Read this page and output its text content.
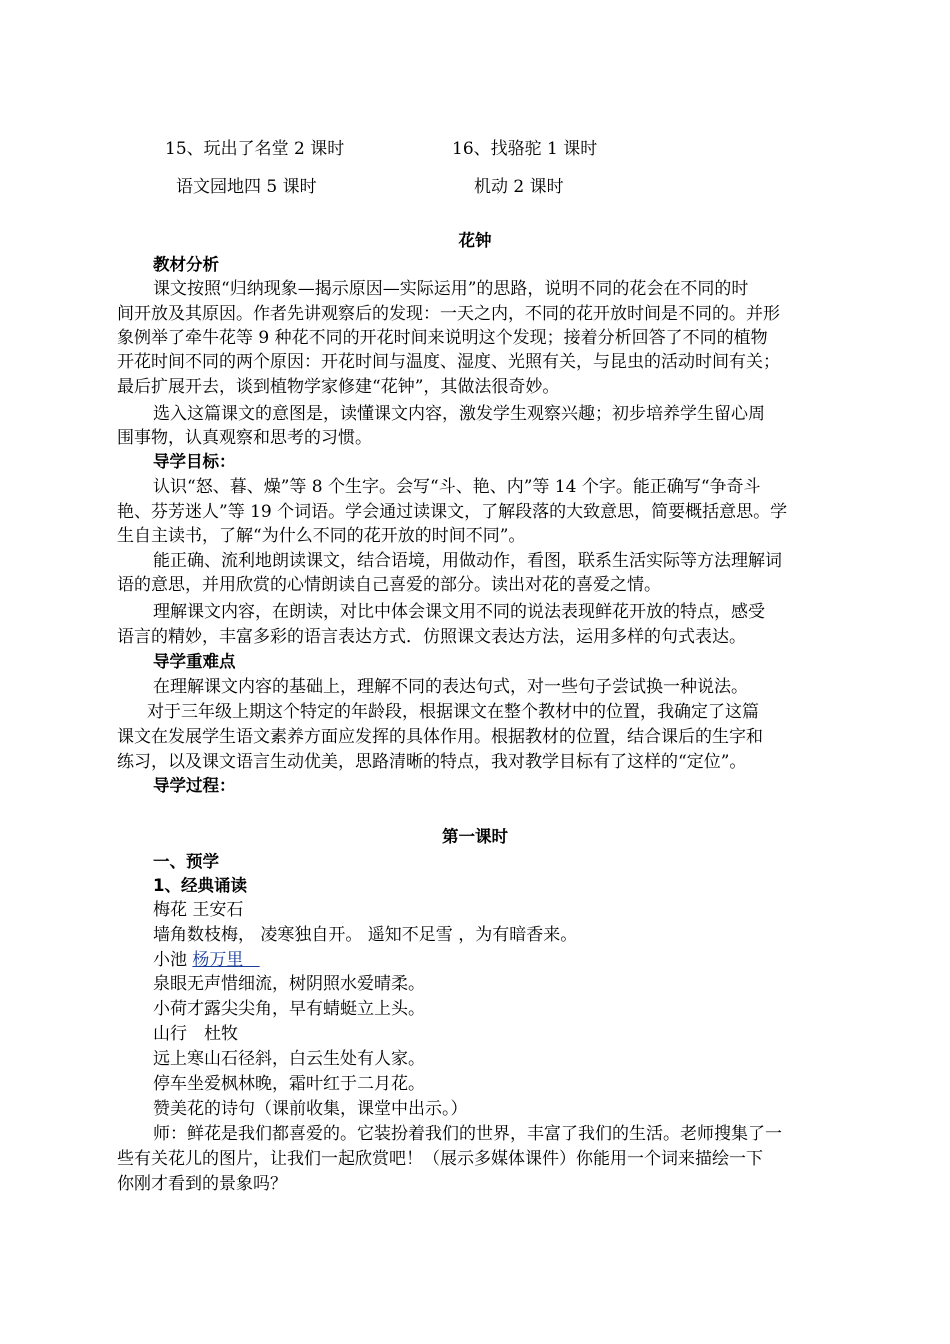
15、玩出了名堂 2 课时	16、找骆驼 1 课时
语文园地四 5 课时	机动 2 课时
花钟
教材分析
课文按照“归纳现象—揭示原因—实际运用”的思路，说明不同的花会在不同的时
间开放及其原因。作者先讲观察后的发现：一天之内，不同的花开放时间是不同的。并形
象例举了牵牛花等 9 种花不同的开花时间来说明这个发现；接着分析回答了不同的植物
开花时间不同的两个原因：开花时间与温度、湿度、光照有关，与昆虫的活动时间有关；
最后扩展开去，谈到植物学家修建“花钟”，其做法很奇妙。
选入这篇课文的意图是，读懂课文内容，激发学生观察兴趣；初步培养学生留心周
围事物，认真观察和思考的习惯。
导学目标：
认识“怒、暮、燥”等 8 个生字。会写“斗、艳、内”等 14 个字。能正确写“争奇斗
艳、芬芳迷人”等 19 个词语。学会通过读课文，了解段落的大致意思，简要概括意思。学
生自主读书，了解“为什么不同的花开放的时间不同”。
能正确、流利地朗读课文，结合语境，用做动作，看图，联系生活实际等方法理解词
语的意思，并用欣赏的心情朗读自己喜爱的部分。读出对花的喜爱之情。
理解课文内容，在朗读，对比中体会课文用不同的说法表现鲜花开放的特点，感受
语言的精妙，丰富多彩的语言表达方式．仿照课文表达方法，运用多样的句式表达。
导学重难点
在理解课文内容的基础上，理解不同的表达句式，对一些句子尝试换一种说法。
对于三年级上期这个特定的年龄段，根据课文在整个教材中的位置，我确定了这篇
课文在发展学生语文素养方面应发挥的具体作用。根据教材的位置，结合课后的生字和
练习，以及课文语言生动优美，思路清晰的特点，我对教学目标有了这样的“定位”。
导学过程：
第一课时
一、预学
1、经典诵读
梅花 王安石
墙角数枝梅， 凌寒独自开。 遥知不足雪 ，为有暗香来。
小池 杨万里
泉眼无声惜细流，树阴照水爱晴柔。
小荷才露尖尖角，早有蜻蜓立上头。
山行　杜牧
远上寒山石径斜，白云生处有人家。
停车坐爱枫林晚，霜叶红于二月花。
赞美花的诗句（课前收集，课堂中出示。）
师：鲜花是我们都喜爱的。它装扮着我们的世界，丰富了我们的生活。老师搜集了一
些有关花儿的图片，让我们一起欣赏吧！（展示多媒体课件）你能用一个词来描绘一下
你刚才看到的景象吗？
